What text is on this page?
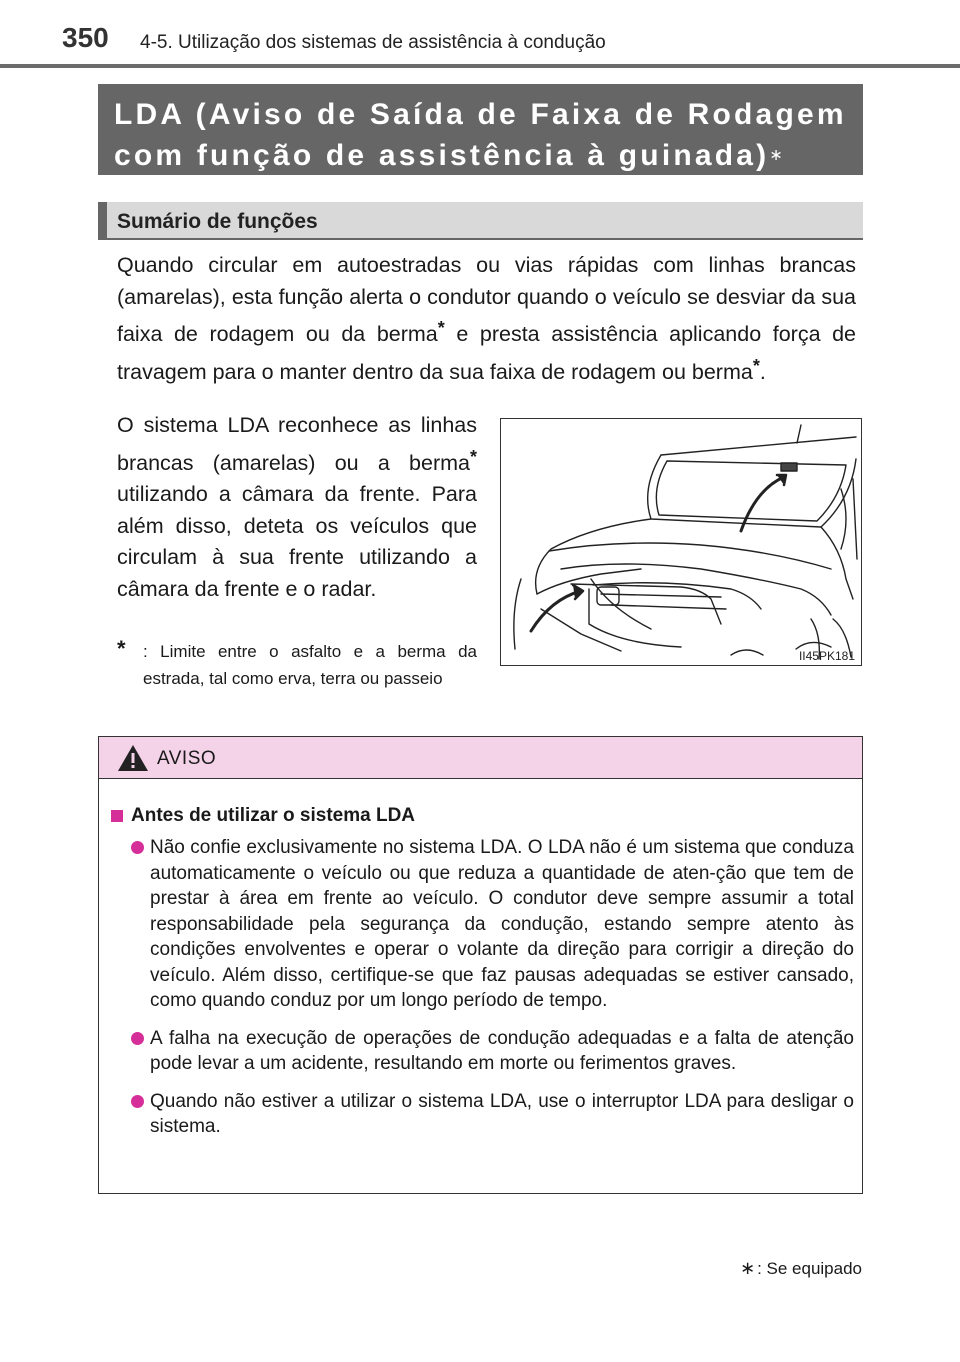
350 4-5. Utilização dos sistemas de assistência à condução
LDA (Aviso de Saída de Faixa de Rodagem
com função de assistência à guinada)∗
Sumário de funções

Quando circular em autoestradas ou vias rápidas com linhas brancas (amarelas), esta função alerta o condutor quando o veículo se desviar da sua faixa de rodagem ou da berma* e presta assistência aplicando força de travagem para o manter dentro da sua faixa de rodagem ou berma*.

O sistema LDA reconhece as linhas brancas (amarelas) ou a berma* utilizando a câmara da frente. Para além disso, deteta os veículos que circulam à sua frente utilizando a câmara da frente e o radar.

*	: Limite entre o asfalto e a berma da estrada, tal como erva, terra ou passeio
II45PK181
AVISO
Antes de utilizar o sistema LDA
Não confie exclusivamente no sistema LDA. O LDA não é um sistema que conduza automaticamente o veículo ou que reduza a quantidade de aten-ção que tem de prestar à área em frente ao veículo. O condutor deve sempre assumir a total responsabilidade pela segurança da condução, estando sempre atento às condições envolventes e operar o volante da direção para corrigir a direção do veículo. Além disso, certifique-se que faz pausas adequadas se estiver cansado, como quando conduz por um longo período de tempo.
A falha na execução de operações de condução adequadas e a falta de atenção pode levar a um acidente, resultando em morte ou ferimentos graves.
Quando não estiver a utilizar o sistema LDA, use o interruptor LDA para desligar o sistema.
∗ : Se equipado
